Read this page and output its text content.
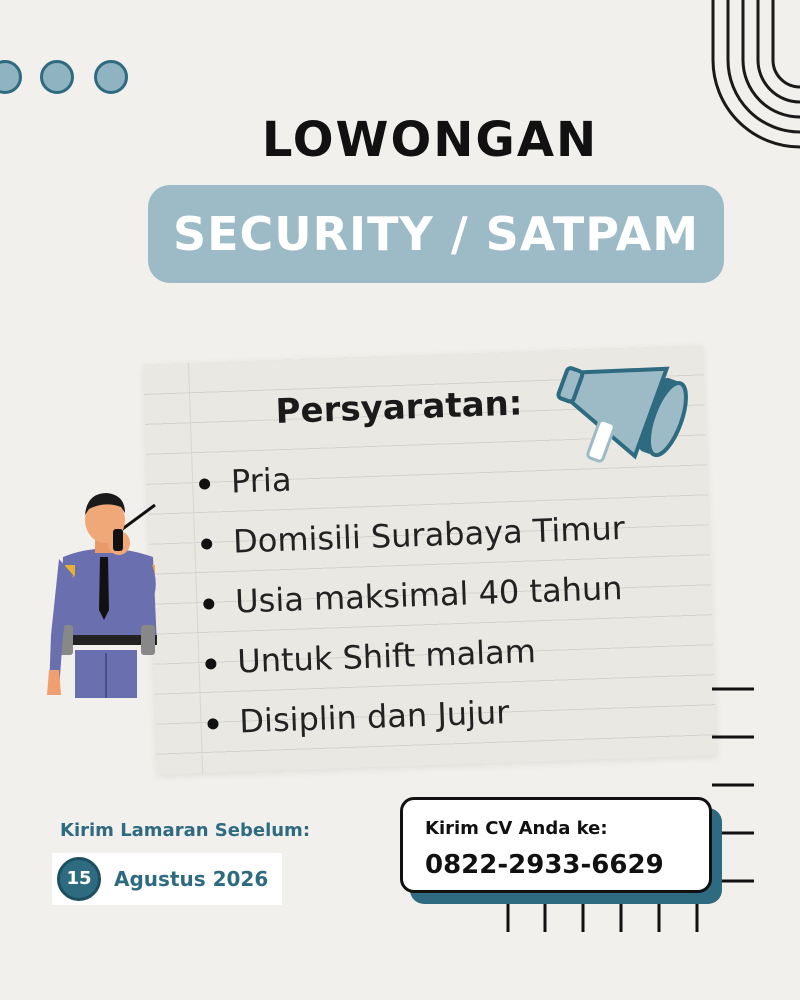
LOWONGAN
SECURITY / SATPAM
Persyaratan:
Pria
Domisili Surabaya Timur
Usia maksimal 40 tahun
Untuk Shift malam
Disiplin dan Jujur
Kirim Lamaran Sebelum:
15	Agustus 2026
Kirim CV Anda ke:
0822-2933-6629
